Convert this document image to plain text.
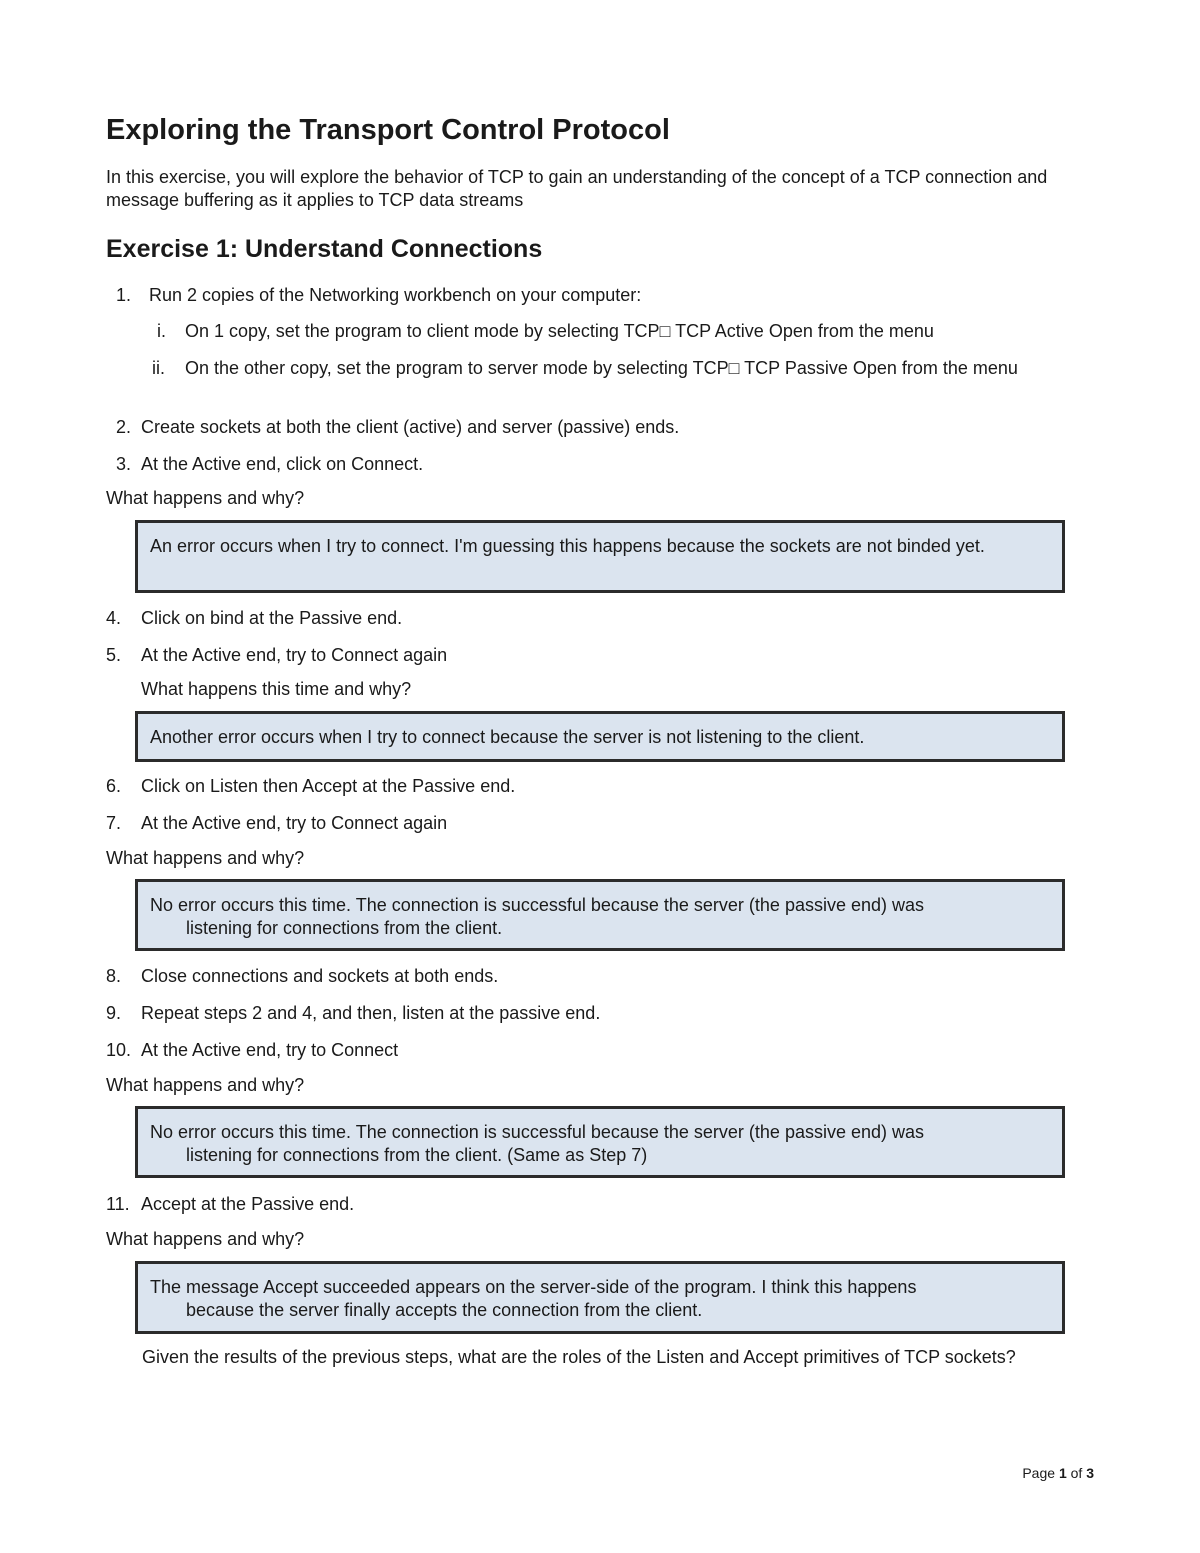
Exploring the Transport Control Protocol

In this exercise, you will explore the behavior of TCP to gain an understanding of the concept of a TCP connection and message buffering as it applies to TCP data streams

Exercise 1: Understand Connections
1. Run 2 copies of the Networking workbench on your computer:
i. On 1 copy, set the program to client mode by selecting TCP□ TCP Active Open from the menu
ii. On the other copy, set the program to server mode by selecting TCP□ TCP Passive Open from the menu

2. Create sockets at both the client (active) and server (passive) ends.
3. At the Active end, click on Connect.
What happens and why?
An error occurs when I try to connect. I'm guessing this happens because the sockets are not binded yet.
4. Click on bind at the Passive end.
5. At the Active end, try to Connect again
What happens this time and why?
Another error occurs when I try to connect because the server is not listening to the client.
6. Click on Listen then Accept at the Passive end.
7. At the Active end, try to Connect again
What happens and why?
No error occurs this time. The connection is successful because the server (the passive end) was
listening for connections from the client.
8. Close connections and sockets at both ends.
9. Repeat steps 2 and 4, and then, listen at the passive end.
10. At the Active end, try to Connect
What happens and why?
No error occurs this time. The connection is successful because the server (the passive end) was
listening for connections from the client. (Same as Step 7)
11. Accept at the Passive end.
What happens and why?
The message Accept succeeded appears on the server-side of the program. I think this happens
because the server finally accepts the connection from the client.

Given the results of the previous steps, what are the roles of the Listen and Accept primitives of TCP sockets?

Page 1 of 3
